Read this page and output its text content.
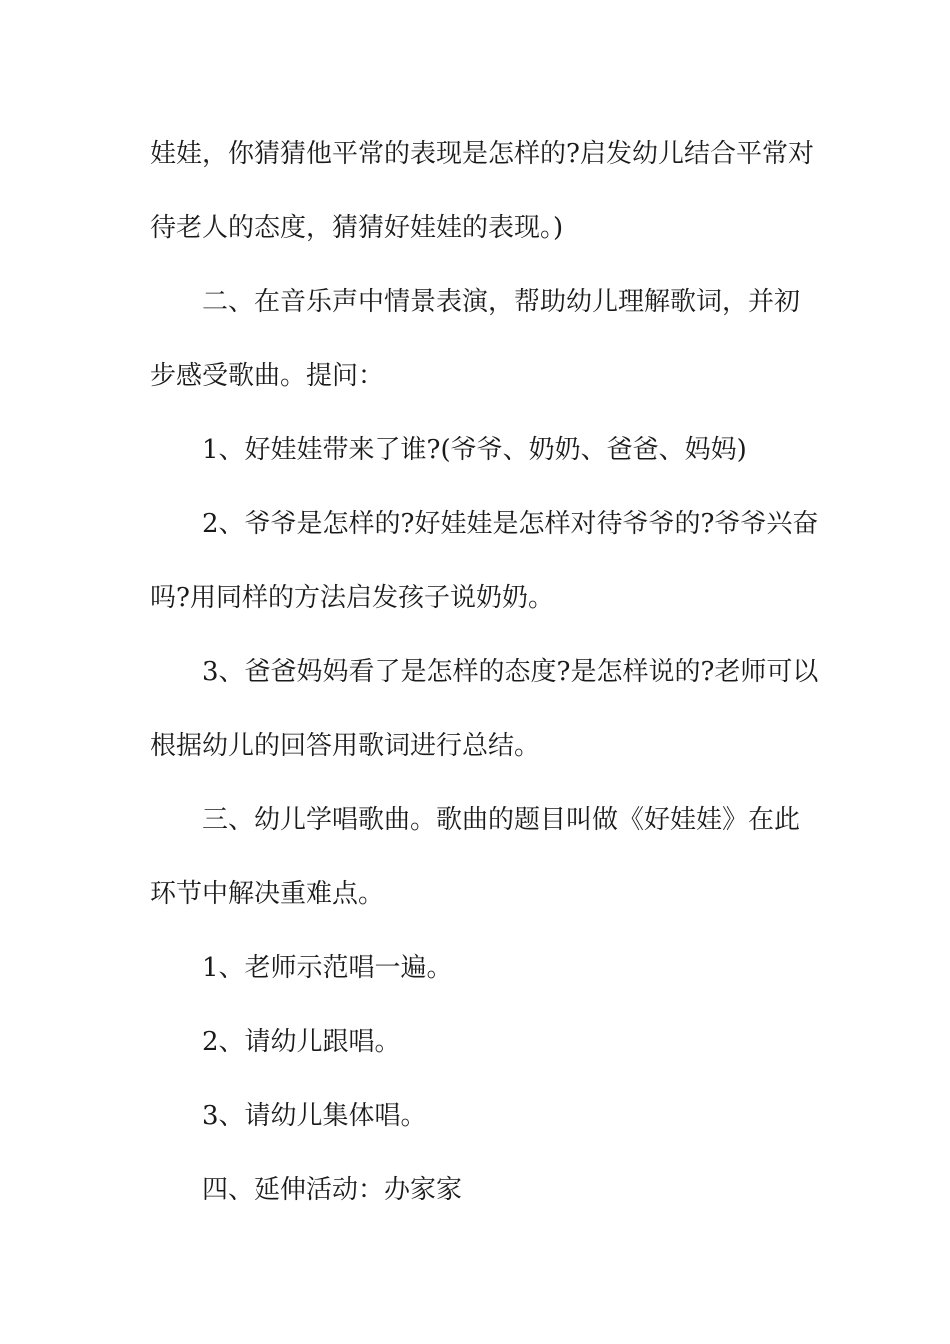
娃娃，你猜猜他平常的表现是怎样的?启发幼儿结合平常对
待老人的态度，猜猜好娃娃的表现。)
二、在音乐声中情景表演，帮助幼儿理解歌词，并初
步感受歌曲。提问：
1、好娃娃带来了谁?(爷爷、奶奶、爸爸、妈妈)
2、爷爷是怎样的?好娃娃是怎样对待爷爷的?爷爷兴奋
吗?用同样的方法启发孩子说奶奶。
3、爸爸妈妈看了是怎样的态度?是怎样说的?老师可以
根据幼儿的回答用歌词进行总结。
三、幼儿学唱歌曲。歌曲的题目叫做《好娃娃》在此
环节中解决重难点。
1、老师示范唱一遍。
2、请幼儿跟唱。
3、请幼儿集体唱。
四、延伸活动：办家家
